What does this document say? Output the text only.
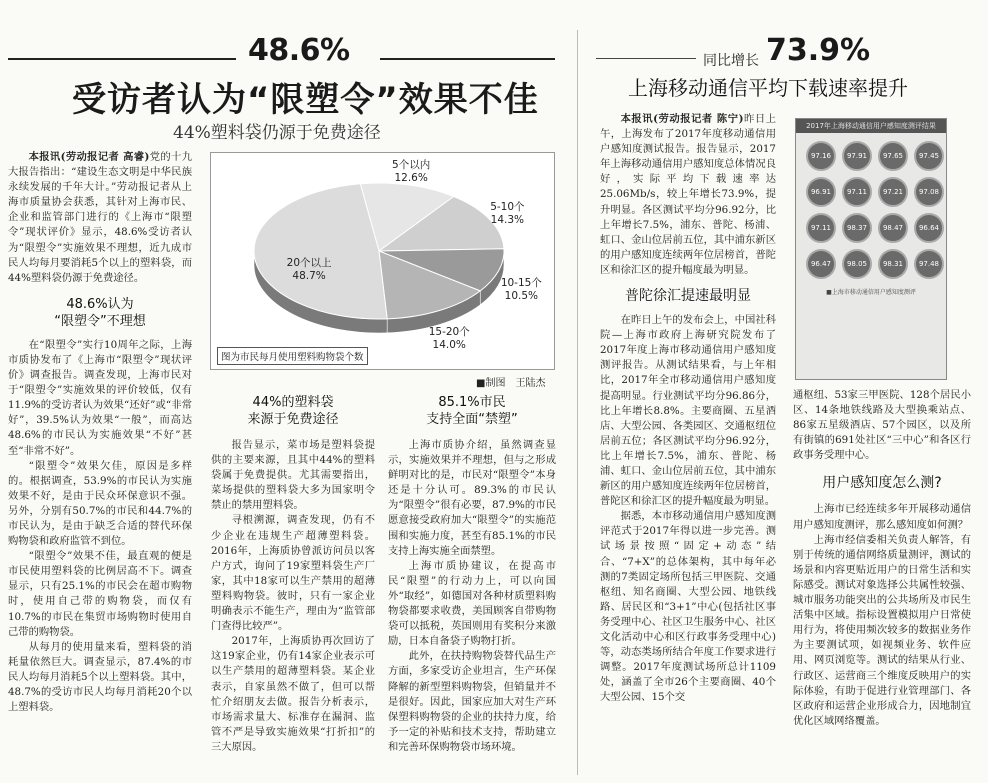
48.6%
受访者认为“限塑令”效果不佳
44%塑料袋仍源于免费途径

本报讯(劳动报记者 高睿)党的十九大报告指出：“建设生态文明是中华民族永续发展的千年大计。”劳动报记者从上海市质量协会获悉，其针对上海市民、企业和监管部门进行的《上海市“限塑令”现状评价》显示，48.6%受访者认为“限塑令”实施效果不理想，近九成市民人均每月要消耗5个以上的塑料袋，而44%塑料袋仍源于免费途径。

48.6%认为
“限塑令”不理想

在“限塑令”实行10周年之际，上海市质协发布了《上海市“限塑令”现状评价》调查报告。调查发现，上海市民对于“限塑令”实施效果的评价较低，仅有11.9%的受访者认为效果“还好”或“非常好”，39.5%认为效果“一般”，而高达48.6%的市民认为实施效果“不好”甚至“非常不好”。

“限塑令”效果欠佳，原因是多样的。根据调查，53.9%的市民认为实施效果不好，是由于民众环保意识不强。另外，分别有50.7%的市民和44.7%的市民认为，是由于缺乏合适的替代环保购物袋和政府监管不到位。

“限塑令”效果不佳，最直观的便是市民使用塑料袋的比例居高不下。调查显示，只有25.1%的市民会在超市购物时，使用自己带的购物袋，而仅有10.7%的市民在集贸市场购物时使用自己带的购物袋。

从每月的使用量来看，塑料袋的消耗量依然巨大。调查显示，87.4%的市民人均每月消耗5个以上塑料袋。其中，48.7%的受访市民人均每月消耗20个以上塑料袋。

5个以内
12.6%
5-10个
14.3%
10-15个
10.5%
15-20个
14.0%
20个以上
48.7%
图为市民每月使用塑料购物袋个数
■制图　王陆杰
44%的塑料袋
来源于免费途径

报告显示，菜市场是塑料袋提供的主要来源，且其中44%的塑料袋属于免费提供。尤其需要指出，菜场提供的塑料袋大多为国家明令禁止的禁用塑料袋。

寻根溯源，调查发现，仍有不少企业在违规生产超薄塑料袋。2016年，上海质协曾派访问员以客户方式，询问了19家塑料袋生产厂家，其中18家可以生产禁用的超薄塑料购物袋。彼时，只有一家企业明确表示不能生产，理由为“监管部门查得比较严”。

2017年，上海质协再次回访了这19家企业，仍有14家企业表示可以生产禁用的超薄塑料袋。某企业表示，自家虽然不做了，但可以帮忙介绍朋友去做。报告分析表示，市场需求量大、标准存在漏洞、监管不严是导致实施效果“打折扣”的三大原因。

85.1%市民
支持全面“禁塑”

上海市质协介绍，虽然调查显示，实施效果并不理想，但与之形成鲜明对比的是，市民对“限塑令”本身还是十分认可。89.3%的市民认为“限塑令”很有必要，87.9%的市民愿意接受政府加大“限塑令”的实施范围和实施力度，甚至有85.1%的市民支持上海实施全面禁塑。

上海市质协建议，在提高市民“限塑”的行动力上，可以向国外“取经”，如德国对各种材质塑料购物袋都要求收费，美国顾客自带购物袋可以抵税，英国则用有奖积分来激励，日本自备袋子购物打折。

此外，在扶持购物袋替代品生产方面，多家受访企业坦言，生产环保降解的新型塑料购物袋，但销量并不是很好。因此，国家应加大对生产环保塑料购物袋的企业的扶持力度，给予一定的补贴和技术支持，帮助建立和完善环保购物袋市场环境。

同比增长 73.9%
上海移动通信平均下载速率提升

本报讯(劳动报记者 陈宁)昨日上午，上海发布了2017年度移动通信用户感知度测试报告。报告显示，2017年上海移动通信用户感知度总体情况良好，实际平均下载速率达25.06Mb/s，较上年增长73.9%，提升明显。各区测试平均分96.92分，比上年增长7.5%，浦东、普陀、杨浦、虹口、金山位居前五位，其中浦东新区的用户感知度连续两年位居榜首，普陀区和徐汇区的提升幅度最为明显。

普陀徐汇提速最明显

在昨日上午的发布会上，中国社科院—上海市政府上海研究院发布了2017年度上海市移动通信用户感知度测评报告。从测试结果看，与上年相比，2017年全市移动通信用户感知度提高明显。行业测试平均分96.86分，比上年增长8.8%。主要商圈、五星酒店、大型公园、各类园区、交通枢纽位居前五位；各区测试平均分96.92分，比上年增长7.5%，浦东、普陀、杨浦、虹口、金山位居前五位，其中浦东新区的用户感知度连续两年位居榜首，普陀区和徐汇区的提升幅度最为明显。

据悉，本市移动通信用户感知度测评范式于2017年得以进一步完善。测试场景按照“固定+动态”结合、“7+X”的总体架构，其中每年必测的7类固定场所包括三甲医院、交通枢纽、知名商圈、大型公园、地铁线路、居民区和“3+1”中心(包括社区事务受理中心、社区卫生服务中心、社区文化活动中心和区行政事务受理中心)等，动态类场所结合年度工作要求进行调整。2017年度测试场所总计1109处，涵盖了全市26个主要商圈、40个大型公园、15个交

2017年上海移动通信用户感知度测评结果
97.16	97.91	97.65	97.45
96.91	97.11	97.21	97.08
97.11	98.37	98.47	96.64
96.47	98.05	98.31	97.48
■上海市移动通信用户感知度测评

通枢纽、53家三甲医院、128个居民小区、14条地铁线路及大型换乘站点、86家五星级酒店、57个园区，以及所有街镇的691处社区“三中心”和各区行政事务受理中心。

用户感知度怎么测?

上海市已经连续多年开展移动通信用户感知度测评，那么感知度如何测？

上海市经信委相关负责人解答，有别于传统的通信网络质量测评，测试的场景和内容更贴近用户的日常生活和实际感受。测试对象选择公共属性较强、城市服务功能突出的公共场所及市民生活集中区域。指标设置模拟用户日常使用行为，将使用频次较多的数据业务作为主要测试项，如视频业务、软件应用、网页浏览等。测试的结果从行业、行政区、运营商三个维度反映用户的实际体验，有助于促进行业管理部门、各区政府和运营企业形成合力，因地制宜优化区域网络覆盖。
